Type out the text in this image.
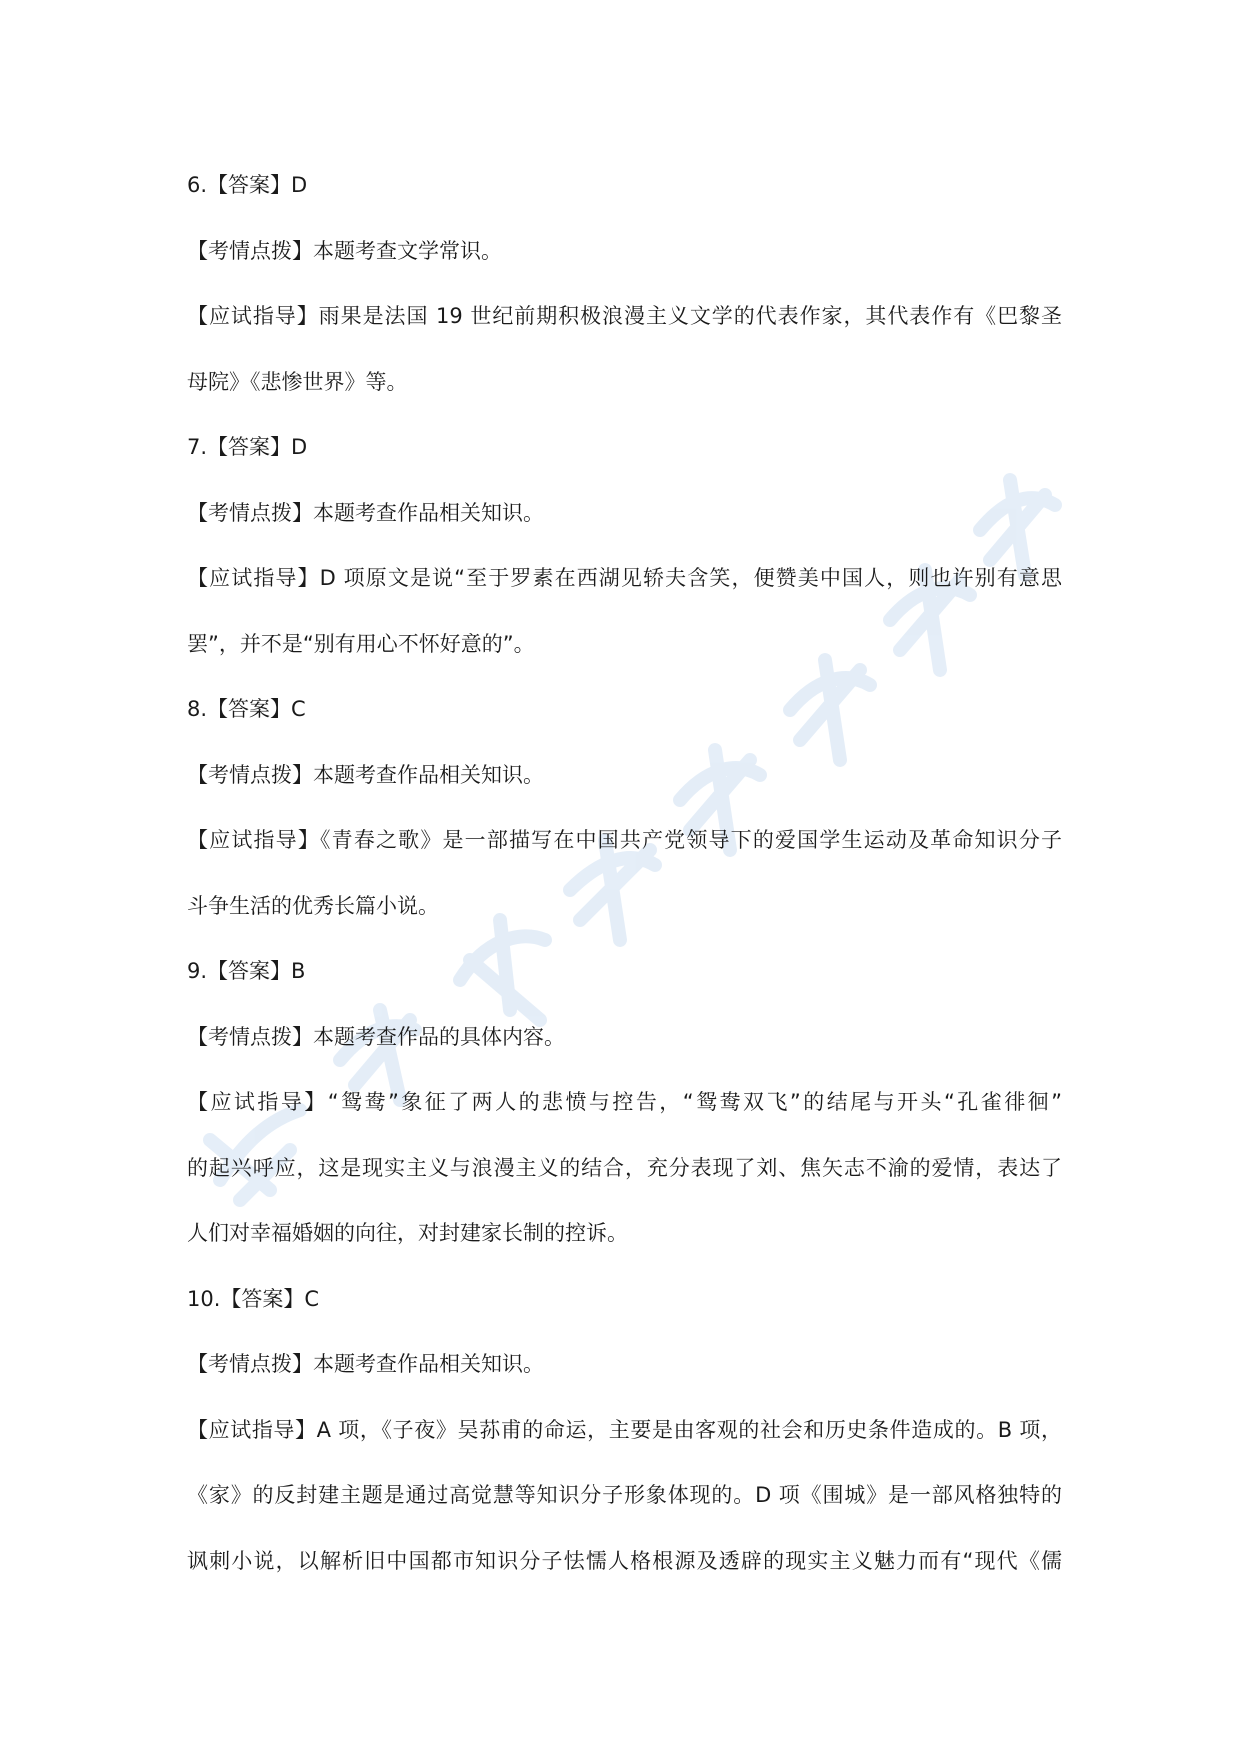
6.【答案】D
【考情点拨】本题考查文学常识。
【应试指导】雨果是法国 19 世纪前期积极浪漫主义文学的代表作家，其代表作有《巴黎圣
母院》《悲惨世界》等。
7.【答案】D
【考情点拨】本题考查作品相关知识。
【应试指导】D 项原文是说“至于罗素在西湖见轿夫含笑，便赞美中国人，则也许别有意思
罢”，并不是“别有用心不怀好意的”。
8.【答案】C
【考情点拨】本题考查作品相关知识。
【应试指导】《青春之歌》是一部描写在中国共产党领导下的爱国学生运动及革命知识分子
斗争生活的优秀长篇小说。
9.【答案】B
【考情点拨】本题考查作品的具体内容。
【应试指导】“鸳鸯”象征了两人的悲愤与控告，“鸳鸯双飞”的结尾与开头“孔雀徘徊”
的起兴呼应，这是现实主义与浪漫主义的结合，充分表现了刘、焦矢志不渝的爱情，表达了
人们对幸福婚姻的向往，对封建家长制的控诉。
10.【答案】C
【考情点拨】本题考查作品相关知识。
【应试指导】A 项，《子夜》吴荪甫的命运，主要是由客观的社会和历史条件造成的。B 项，
《家》的反封建主题是通过高觉慧等知识分子形象体现的。D 项《围城》是一部风格独特的
讽刺小说，以解析旧中国都市知识分子怯懦人格根源及透辟的现实主义魅力而有“现代《儒
